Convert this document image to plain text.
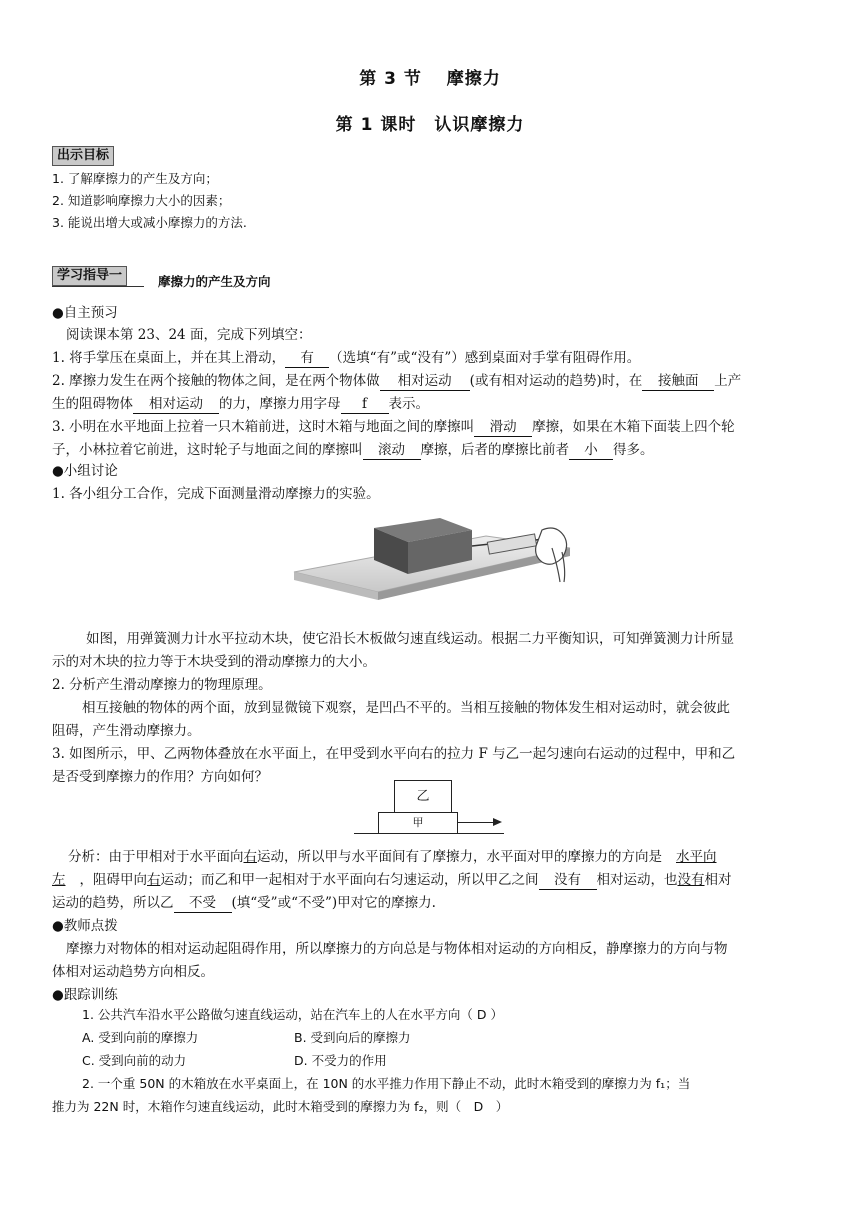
第 3 节　 摩擦力
第 1 课时　认识摩擦力
出示目标
1. 了解摩擦力的产生及方向；
2. 知道影响摩擦力大小的因素；
3. 能说出增大或减小摩擦力的方法.
学习指导一	摩擦力的产生及方向
●自主预习
阅读课本第 23、24 面，完成下列填空：
1. 将手掌压在桌面上，并在其上滑动， 有 （选填“有”或“没有”）感到桌面对手掌有阻碍作用。
2. 摩擦力发生在两个接触的物体之间，是在两个物体做 相对运动 (或有相对运动的趋势)时，在 接触面 上产
生的阻碍物体 相对运动 的力，摩擦力用字母 f 表示。
3. 小明在水平地面上拉着一只木箱前进，这时木箱与地面之间的摩擦叫 滑动 摩擦，如果在木箱下面装上四个轮
子，小林拉着它前进，这时轮子与地面之间的摩擦叫 滚动 摩擦，后者的摩擦比前者 小 得多。
●小组讨论
1. 各小组分工合作，完成下面测量滑动摩擦力的实验。
如图，用弹簧测力计水平拉动木块，使它沿长木板做匀速直线运动。根据二力平衡知识，可知弹簧测力计所显
示的对木块的拉力等于木块受到的滑动摩擦力的大小。
2. 分析产生滑动摩擦力的物理原理。
相互接触的物体的两个面，放到显微镜下观察，是凹凸不平的。当相互接触的物体发生相对运动时，就会彼此
阻碍，产生滑动摩擦力。
3. 如图所示，甲、乙两物体叠放在水平面上，在甲受到水平向右的拉力 F 与乙一起匀速向右运动的过程中，甲和乙
是否受到摩擦力的作用？方向如何？
乙
甲
分析：由于甲相对于水平面向右运动，所以甲与水平面间有了摩擦力，水平面对甲的摩擦力的方向是 水平向
左 ，阻碍甲向右运动；而乙和甲一起相对于水平面向右匀速运动，所以甲乙之间 没有 相对运动，也没有相对
运动的趋势，所以乙 不受 (填“受”或“不受”)甲对它的摩擦力.
●教师点拨
摩擦力对物体的相对运动起阻碍作用，所以摩擦力的方向总是与物体相对运动的方向相反，静摩擦力的方向与物
体相对运动趋势方向相反。
●跟踪训练
1. 公共汽车沿水平公路做匀速直线运动，站在汽车上的人在水平方向（ D ）
A. 受到向前的摩擦力	B. 受到向后的摩擦力
C. 受到向前的动力	D. 不受力的作用
2. 一个重 50N 的木箱放在水平桌面上，在 10N 的水平推力作用下静止不动，此时木箱受到的摩擦力为 f₁；当
推力为 22N 时，木箱作匀速直线运动，此时木箱受到的摩擦力为 f₂，则（　D　）
